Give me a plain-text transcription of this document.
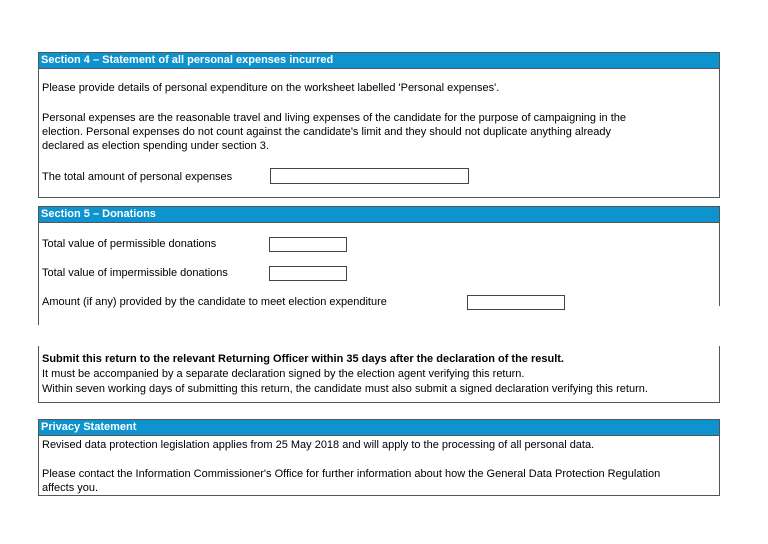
Section 4 – Statement of all personal expenses incurred
Please provide details of personal expenditure on the worksheet labelled 'Personal expenses'.
Personal expenses are the reasonable travel and living expenses of the candidate for the purpose of campaigning in the
election. Personal expenses do not count against the candidate's limit and they should not duplicate anything already
declared as election spending under section 3.
The total amount of personal expenses
Section 5 – Donations
Total value of permissible donations
Total value of impermissible donations
Amount (if any) provided by the candidate to meet election expenditure
Submit this return to the relevant Returning Officer within 35 days after the declaration of the result.
It must be accompanied by a separate declaration signed by the election agent verifying this return.
Within seven working days of submitting this return, the candidate must also submit a signed declaration verifying this return.
Privacy Statement
Revised data protection legislation applies from 25 May 2018 and will apply to the processing of all personal data.
Please contact the Information Commissioner's Office for further information about how the General Data Protection Regulation
affects you.
